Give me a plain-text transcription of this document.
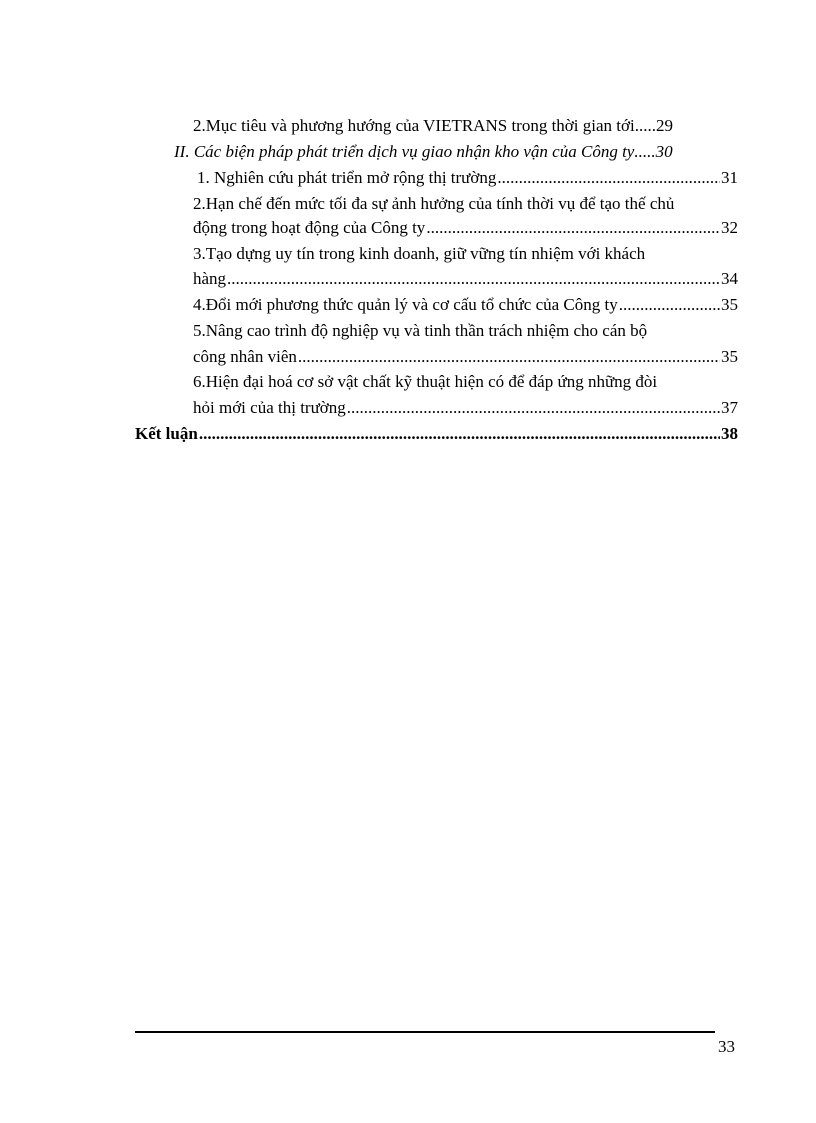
2.Mục tiêu và phương hướng của VIETRANS trong thời gian tới ..... 29
II. Các biện pháp phát triển dịch vụ giao nhận kho vận của Công ty ..... 30
1. Nghiên cứu phát triển mở rộng thị trường .....	31
2.Hạn chế đến mức tối đa sự ảnh hưởng của tính thời vụ để tạo thế chủ
động trong hoạt động của Công ty .....	32
3.Tạo dựng uy tín trong kinh doanh, giữ vững tín nhiệm với khách
hàng .....	34
4.Đổi mới phương thức quản lý và cơ cấu tổ chức của Công ty .....	35
5.Nâng cao trình độ nghiệp vụ và tinh thần trách nhiệm cho cán bộ
công nhân viên .....	35
6.Hiện đại hoá cơ sở vật chất kỹ thuật hiện có để đáp ứng những đòi
hỏi mới của thị trường .....	37
Kết luận .....	38
33
